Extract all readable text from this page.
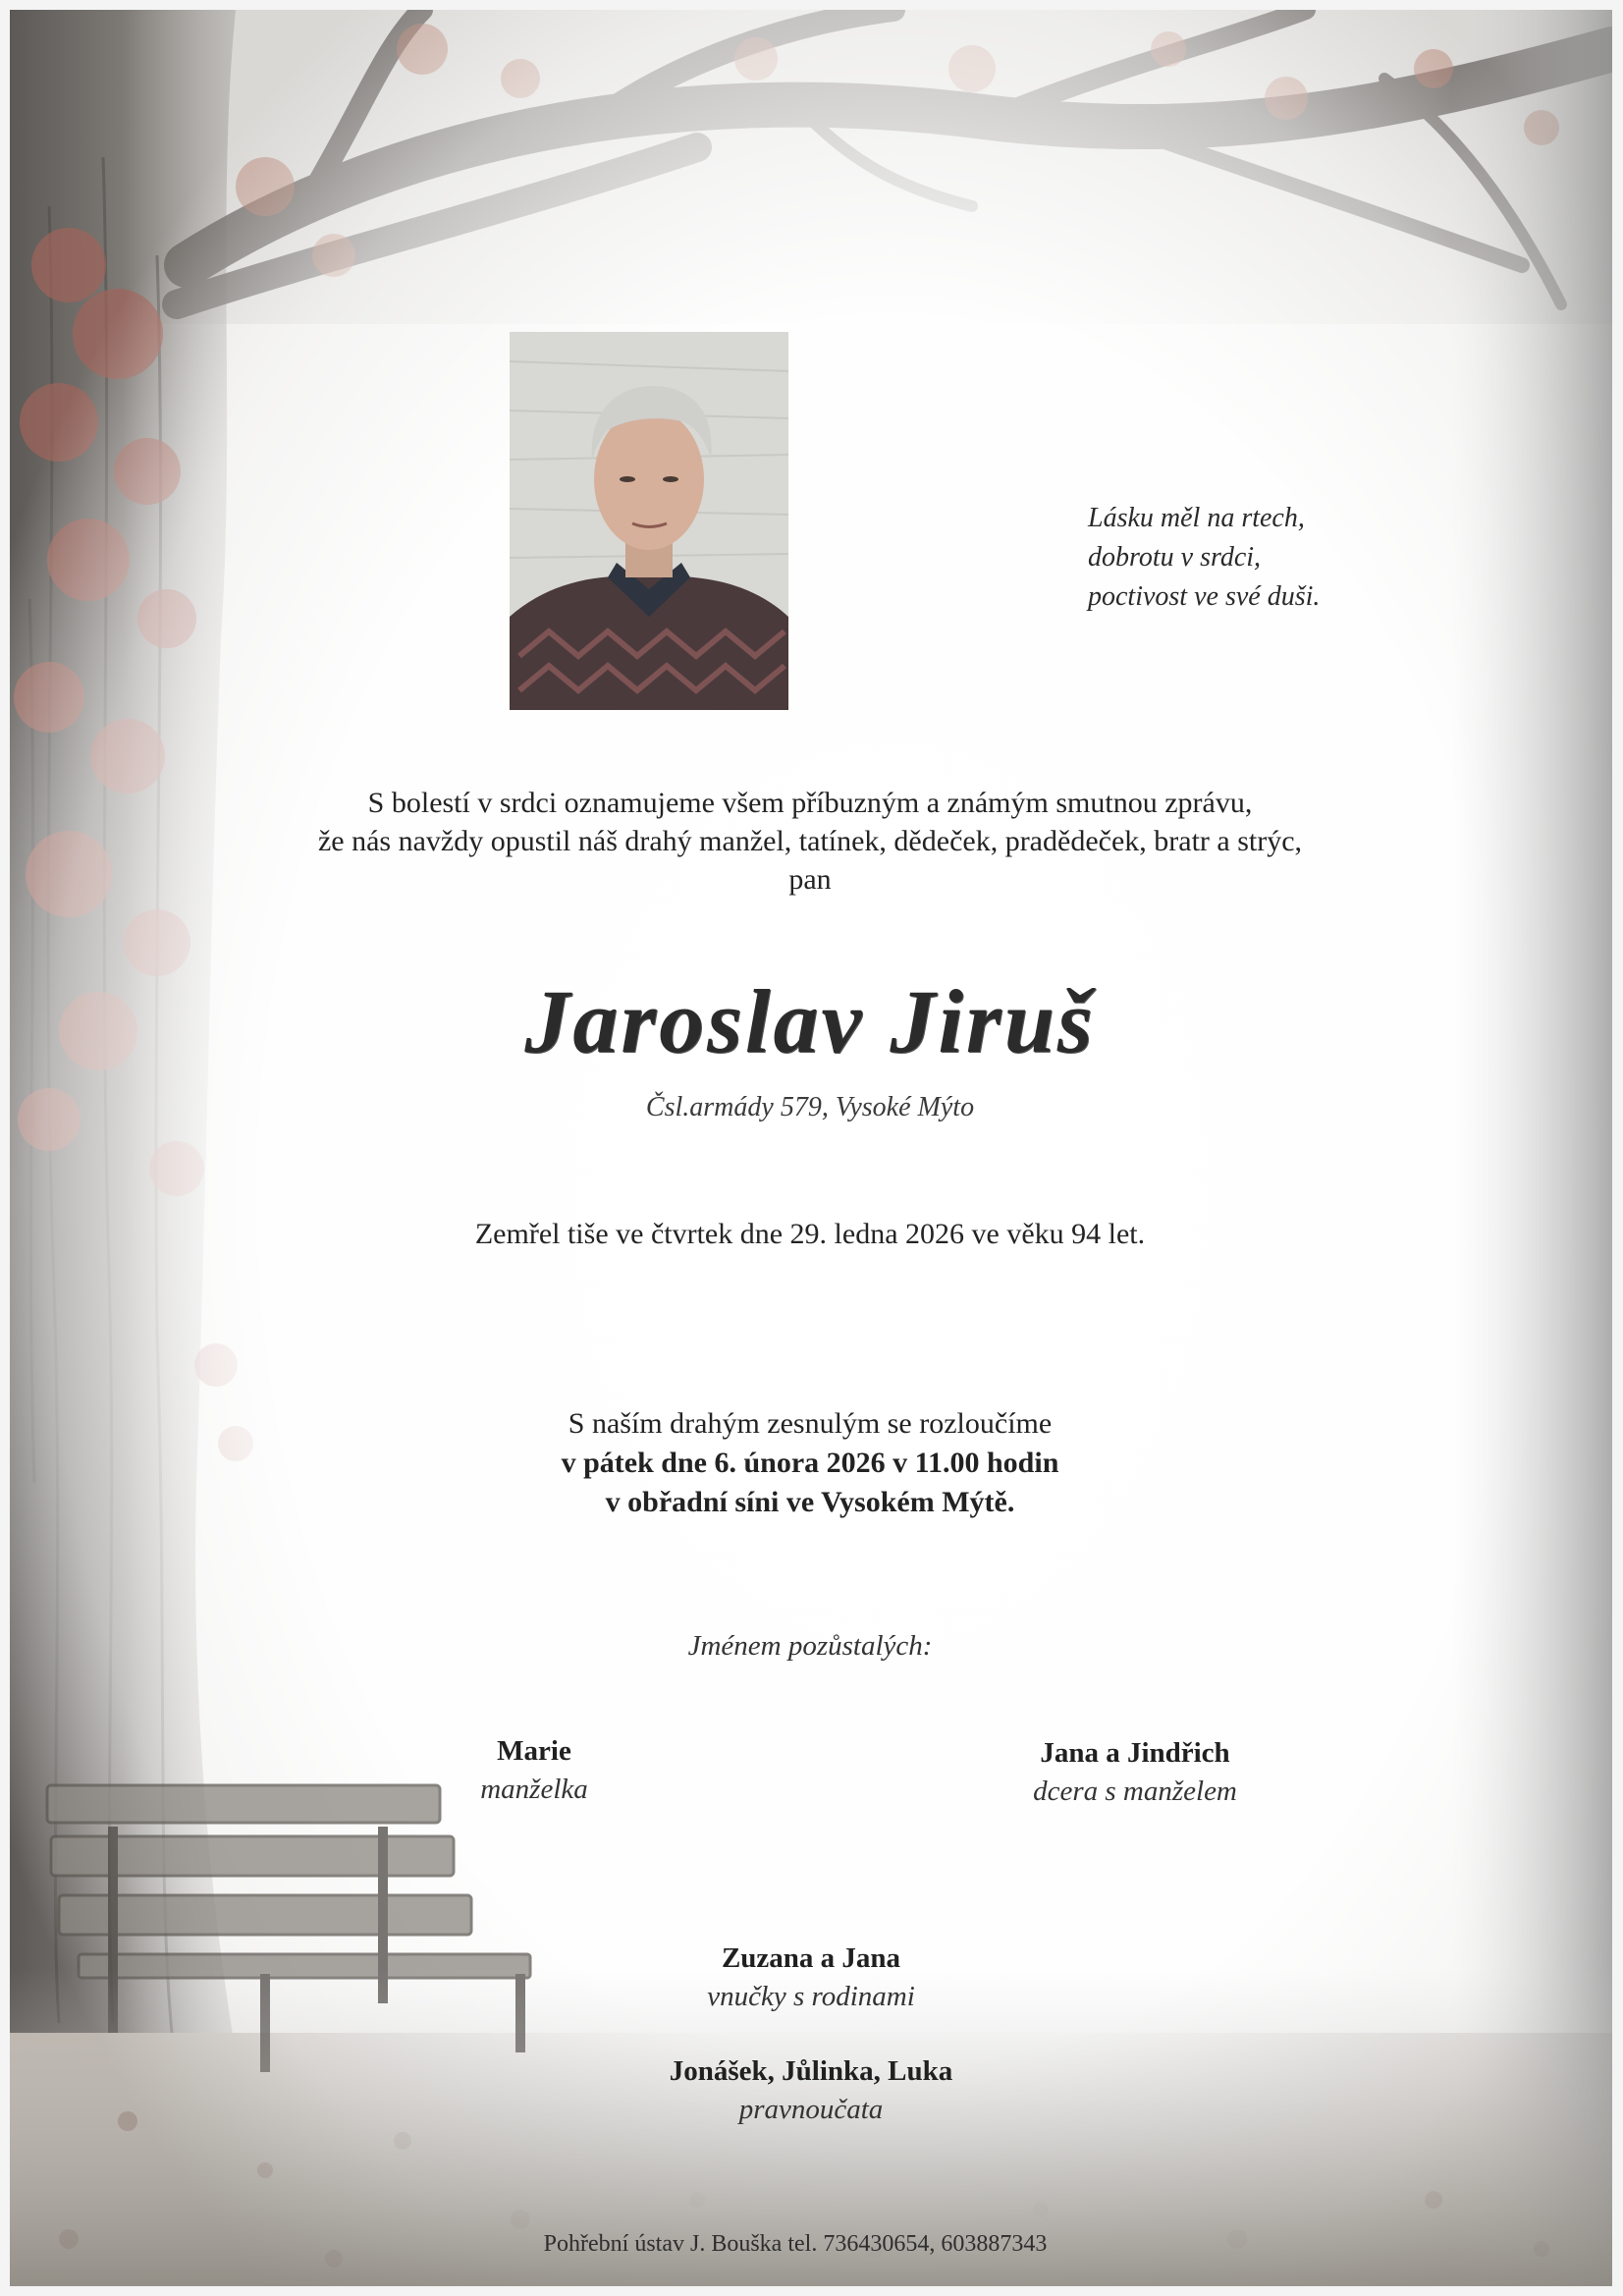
Lásku měl na rtech,
dobrotu v srdci,
poctivost ve své duši.
S bolestí v srdci oznamujeme všem příbuzným a známým smutnou zprávu,
že nás navždy opustil náš drahý manžel, tatínek, dědeček, pradědeček, bratr a strýc,
pan
Jaroslav Jiruš
Čsl.armády 579, Vysoké Mýto
Zemřel tiše ve čtvrtek dne 29. ledna 2026 ve věku 94 let.
S naším drahým zesnulým se rozloučíme
v pátek dne 6. února 2026 v 11.00 hodin
v obřadní síni ve Vysokém Mýtě.
Jménem pozůstalých:
Marie
manželka
Jana a Jindřich
dcera s manželem
Zuzana a Jana
vnučky s rodinami
Jonášek, Jůlinka, Luka
pravnoučata
Pohřební ústav J. Bouška tel. 736430654, 603887343
